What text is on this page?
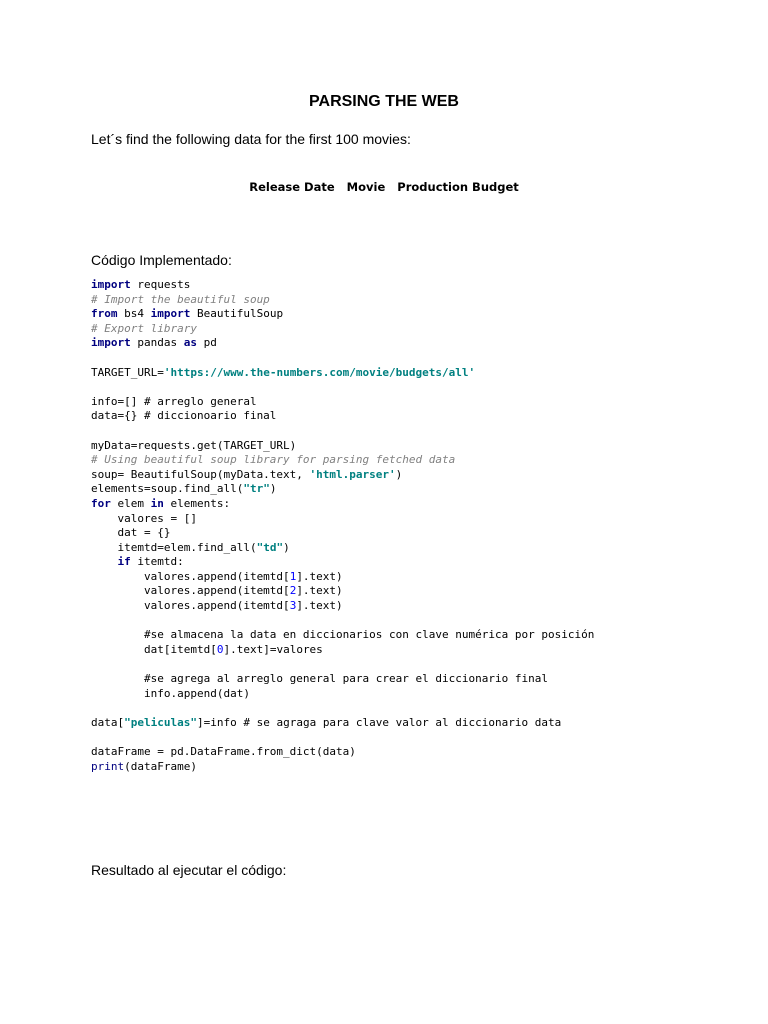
PARSING THE WEB
Let´s find the following data for the first 100 movies:
Release Date Movie Production Budget
Código Implementado:
import requests
# Import the beautiful soup
from bs4 import BeautifulSoup
# Export library
import pandas as pd

TARGET_URL='https://www.the-numbers.com/movie/budgets/all'

info=[] # arreglo general
data={} # diccionoario final

myData=requests.get(TARGET_URL)
# Using beautiful soup library for parsing fetched data
soup= BeautifulSoup(myData.text, 'html.parser')
elements=soup.find_all("tr")
for elem in elements:
valores = []
dat = {}
itemtd=elem.find_all("td")
if itemtd:
valores.append(itemtd[1].text)
valores.append(itemtd[2].text)
valores.append(itemtd[3].text)

#se almacena la data en diccionarios con clave numérica por posición
dat[itemtd[0].text]=valores

#se agrega al arreglo general para crear el diccionario final
info.append(dat)

data["peliculas"]=info # se agraga para clave valor al diccionario data

dataFrame = pd.DataFrame.from_dict(data)
print(dataFrame)
Resultado al ejecutar el código:
